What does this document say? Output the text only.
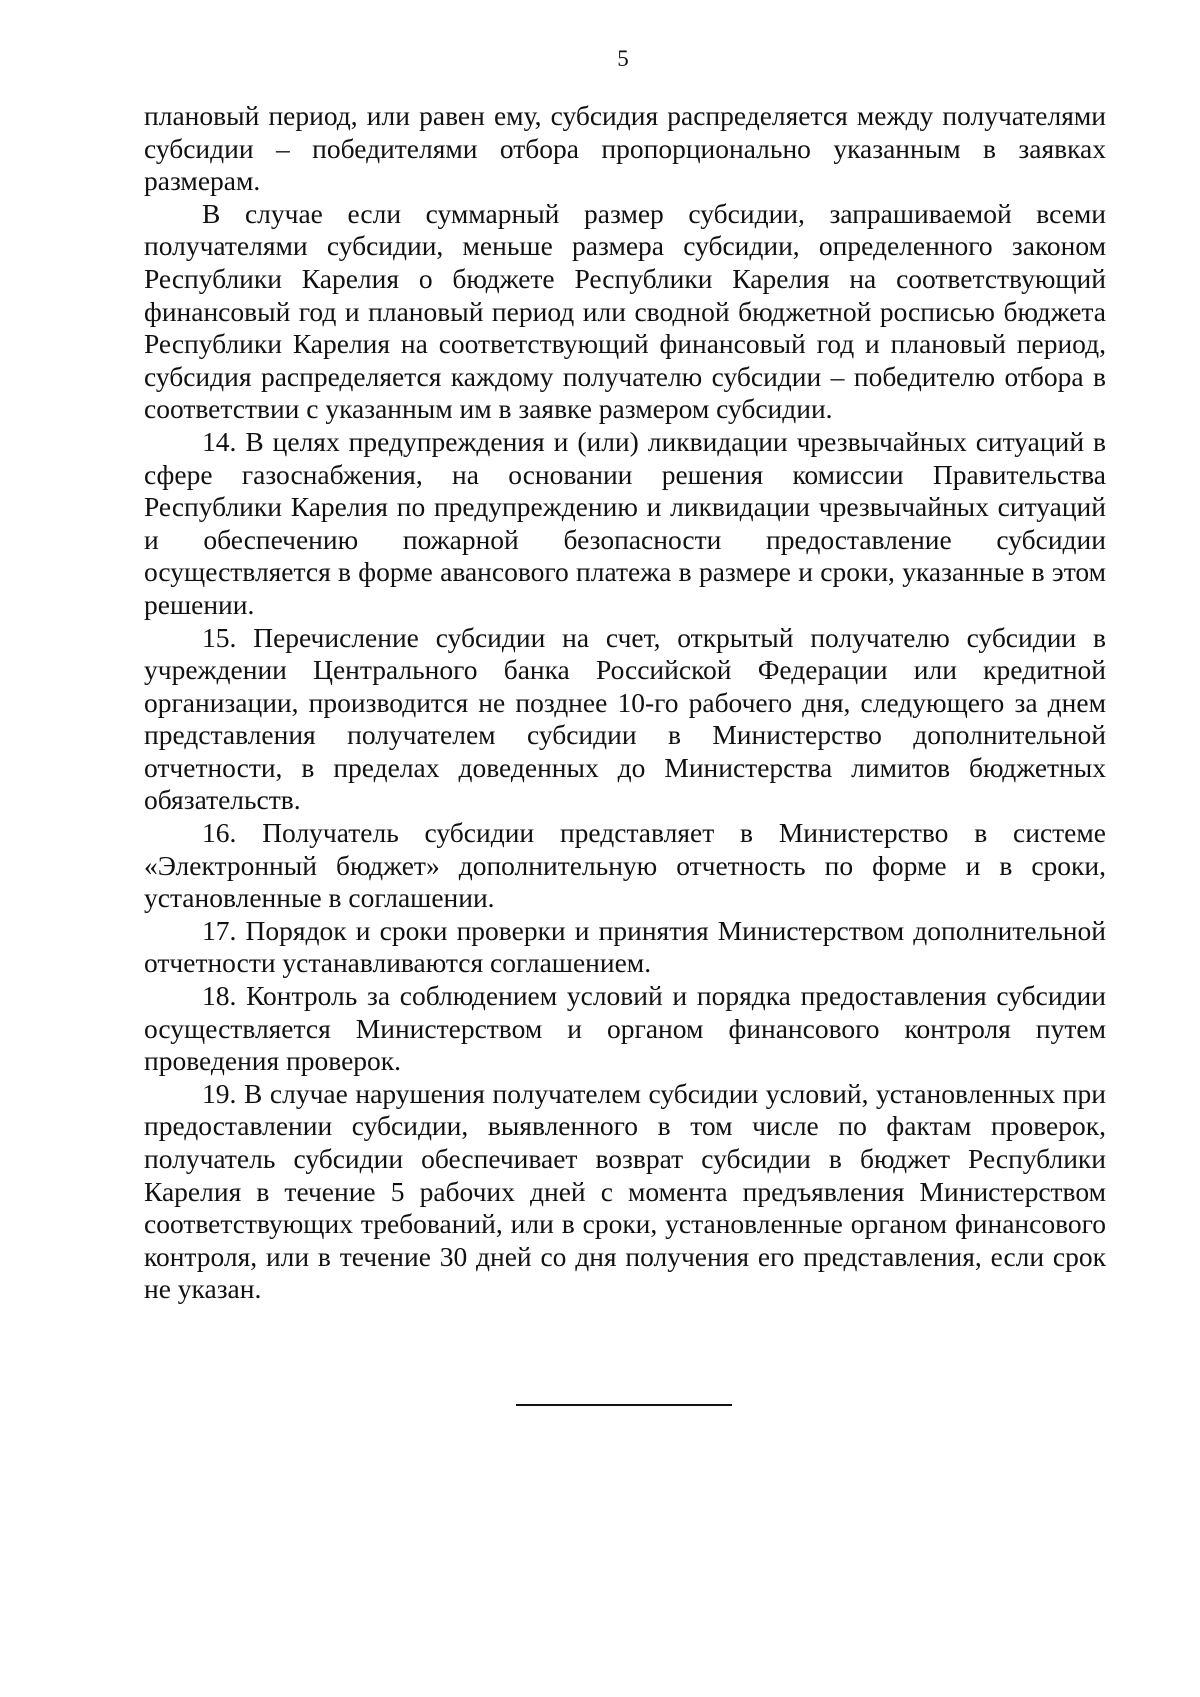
5

плановый период, или равен ему, субсидия распределяется между получателями субсидии – победителями отбора пропорционально указанным в заявках размерам.

В случае если суммарный размер субсидии, запрашиваемой всеми получателями субсидии, меньше размера субсидии, определенного законом Республики Карелия о бюджете Республики Карелия на соответствующий финансовый год и плановый период или сводной бюджетной росписью бюджета Республики Карелия на соответствующий финансовый год и плановый период, субсидия распределяется каждому получателю субсидии – победителю отбора в соответствии с указанным им в заявке размером субсидии.

14. В целях предупреждения и (или) ликвидации чрезвычайных ситуаций в сфере газоснабжения, на основании решения комиссии Правительства Республики Карелия по предупреждению и ликвидации чрезвычайных ситуаций и обеспечению пожарной безопасности предоставление субсидии осуществляется в форме авансового платежа в размере и сроки, указанные в этом решении.

15. Перечисление субсидии на счет, открытый получателю субсидии в учреждении Центрального банка Российской Федерации или кредитной организации, производится не позднее 10-го рабочего дня, следующего за днем представления получателем субсидии в Министерство дополнительной отчетности, в пределах доведенных до Министерства лимитов бюджетных обязательств.

16. Получатель субсидии представляет в Министерство в системе «Электронный бюджет» дополнительную отчетность по форме и в сроки, установленные в соглашении.

17. Порядок и сроки проверки и принятия Министерством дополнительной отчетности устанавливаются соглашением.

18. Контроль за соблюдением условий и порядка предоставления субсидии осуществляется Министерством и органом финансового контроля путем проведения проверок.

19. В случае нарушения получателем субсидии условий, установленных при предоставлении субсидии, выявленного в том числе по фактам проверок, получатель субсидии обеспечивает возврат субсидии в бюджет Республики Карелия в течение 5 рабочих дней с момента предъявления Министерством соответствующих требований, или в сроки, установленные органом финансового контроля, или в течение 30 дней со дня получения его представления, если срок не указан.
